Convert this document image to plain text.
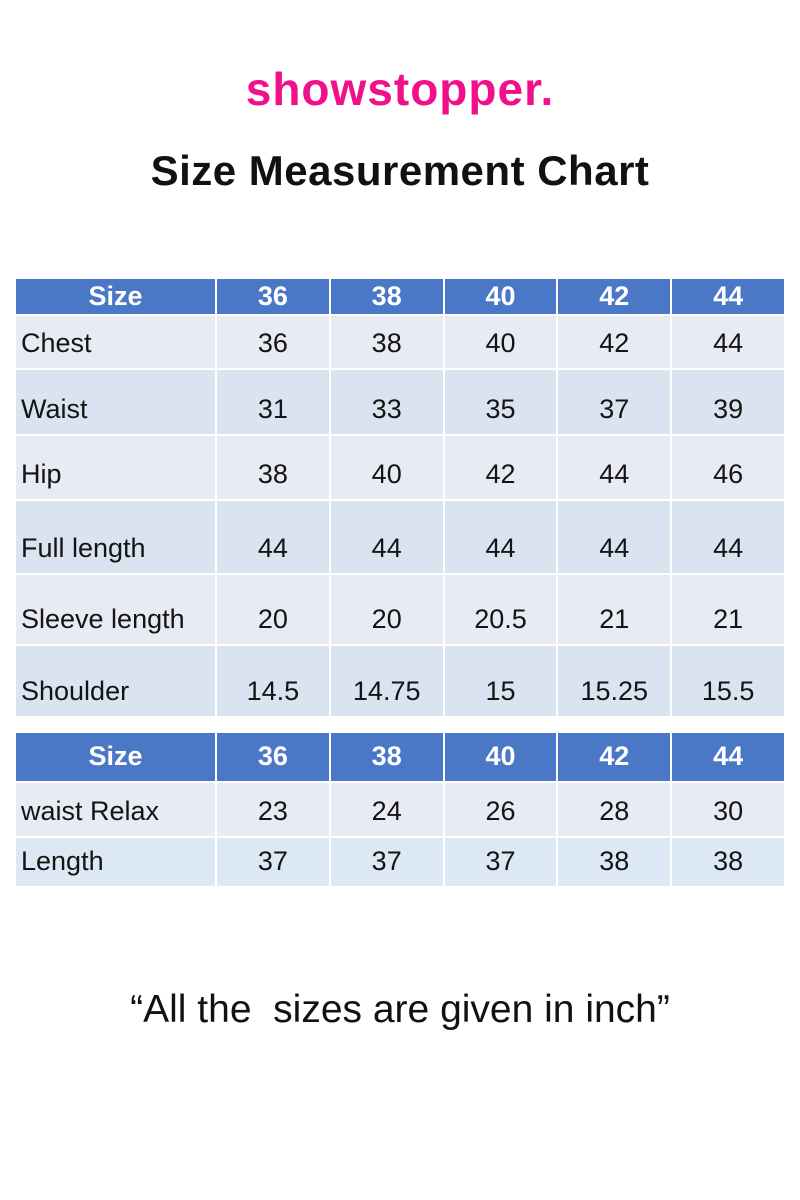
showstopper.
Size Measurement Chart
Size	36	38	40	42	44
Chest	36	38	40	42	44
Waist	31	33	35	37	39
Hip	38	40	42	44	46
Full length	44	44	44	44	44
Sleeve length	20	20	20.5	21	21
Shoulder	14.5	14.75	15	15.25	15.5
Size	36	38	40	42	44
waist Relax	23	24	26	28	30
Length	37	37	37	38	38
“All the  sizes are given in inch”
